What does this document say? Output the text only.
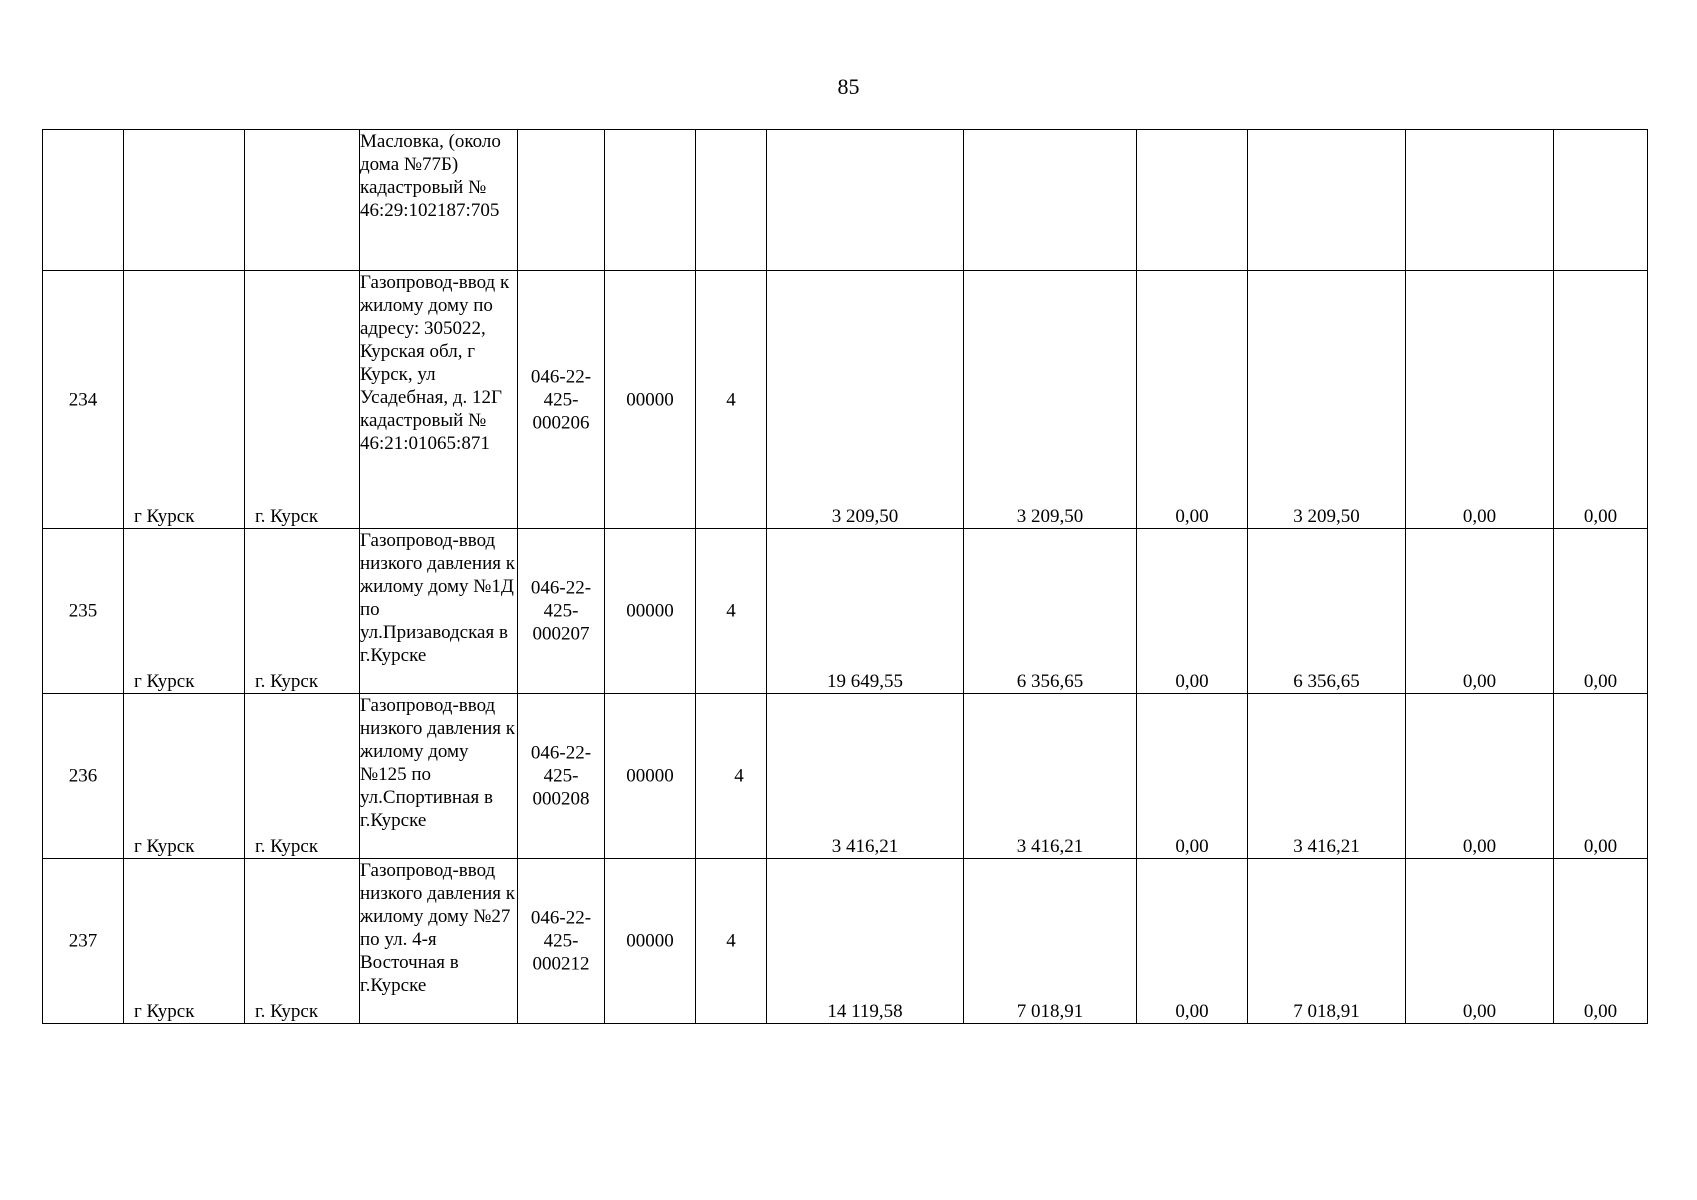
85
			Масловка, (около дома №77Б) кадастровый № 46:29:102187:705									

234	г Курск	г. Курск	Газопровод-ввод к жилому дому по адресу: 305022, Курская обл, г Курск, ул Усадебная, д. 12Г кадастровый № 46:21:01065:871	046-22-
425-
000206	00000	4	3 209,50	3 209,50	0,00	3 209,50	0,00	0,00

235	г Курск	г. Курск	Газопровод-ввод низкого давления к жилому дому №1Д по ул.Призаводская в г.Курске	046-22-
425-
000207	00000	4	19 649,55	6 356,65	0,00	6 356,65	0,00	0,00

236	г Курск	г. Курск	Газопровод-ввод низкого давления к жилому дому №125 по ул.Спортивная в г.Курске	046-22-
425-
000208	00000	4	3 416,21	3 416,21	0,00	3 416,21	0,00	0,00

237	г Курск	г. Курск	Газопровод-ввод низкого давления к жилому дому №27 по ул. 4-я Восточная в г.Курске	046-22-
425-
000212	00000	4	14 119,58	7 018,91	0,00	7 018,91	0,00	0,00
